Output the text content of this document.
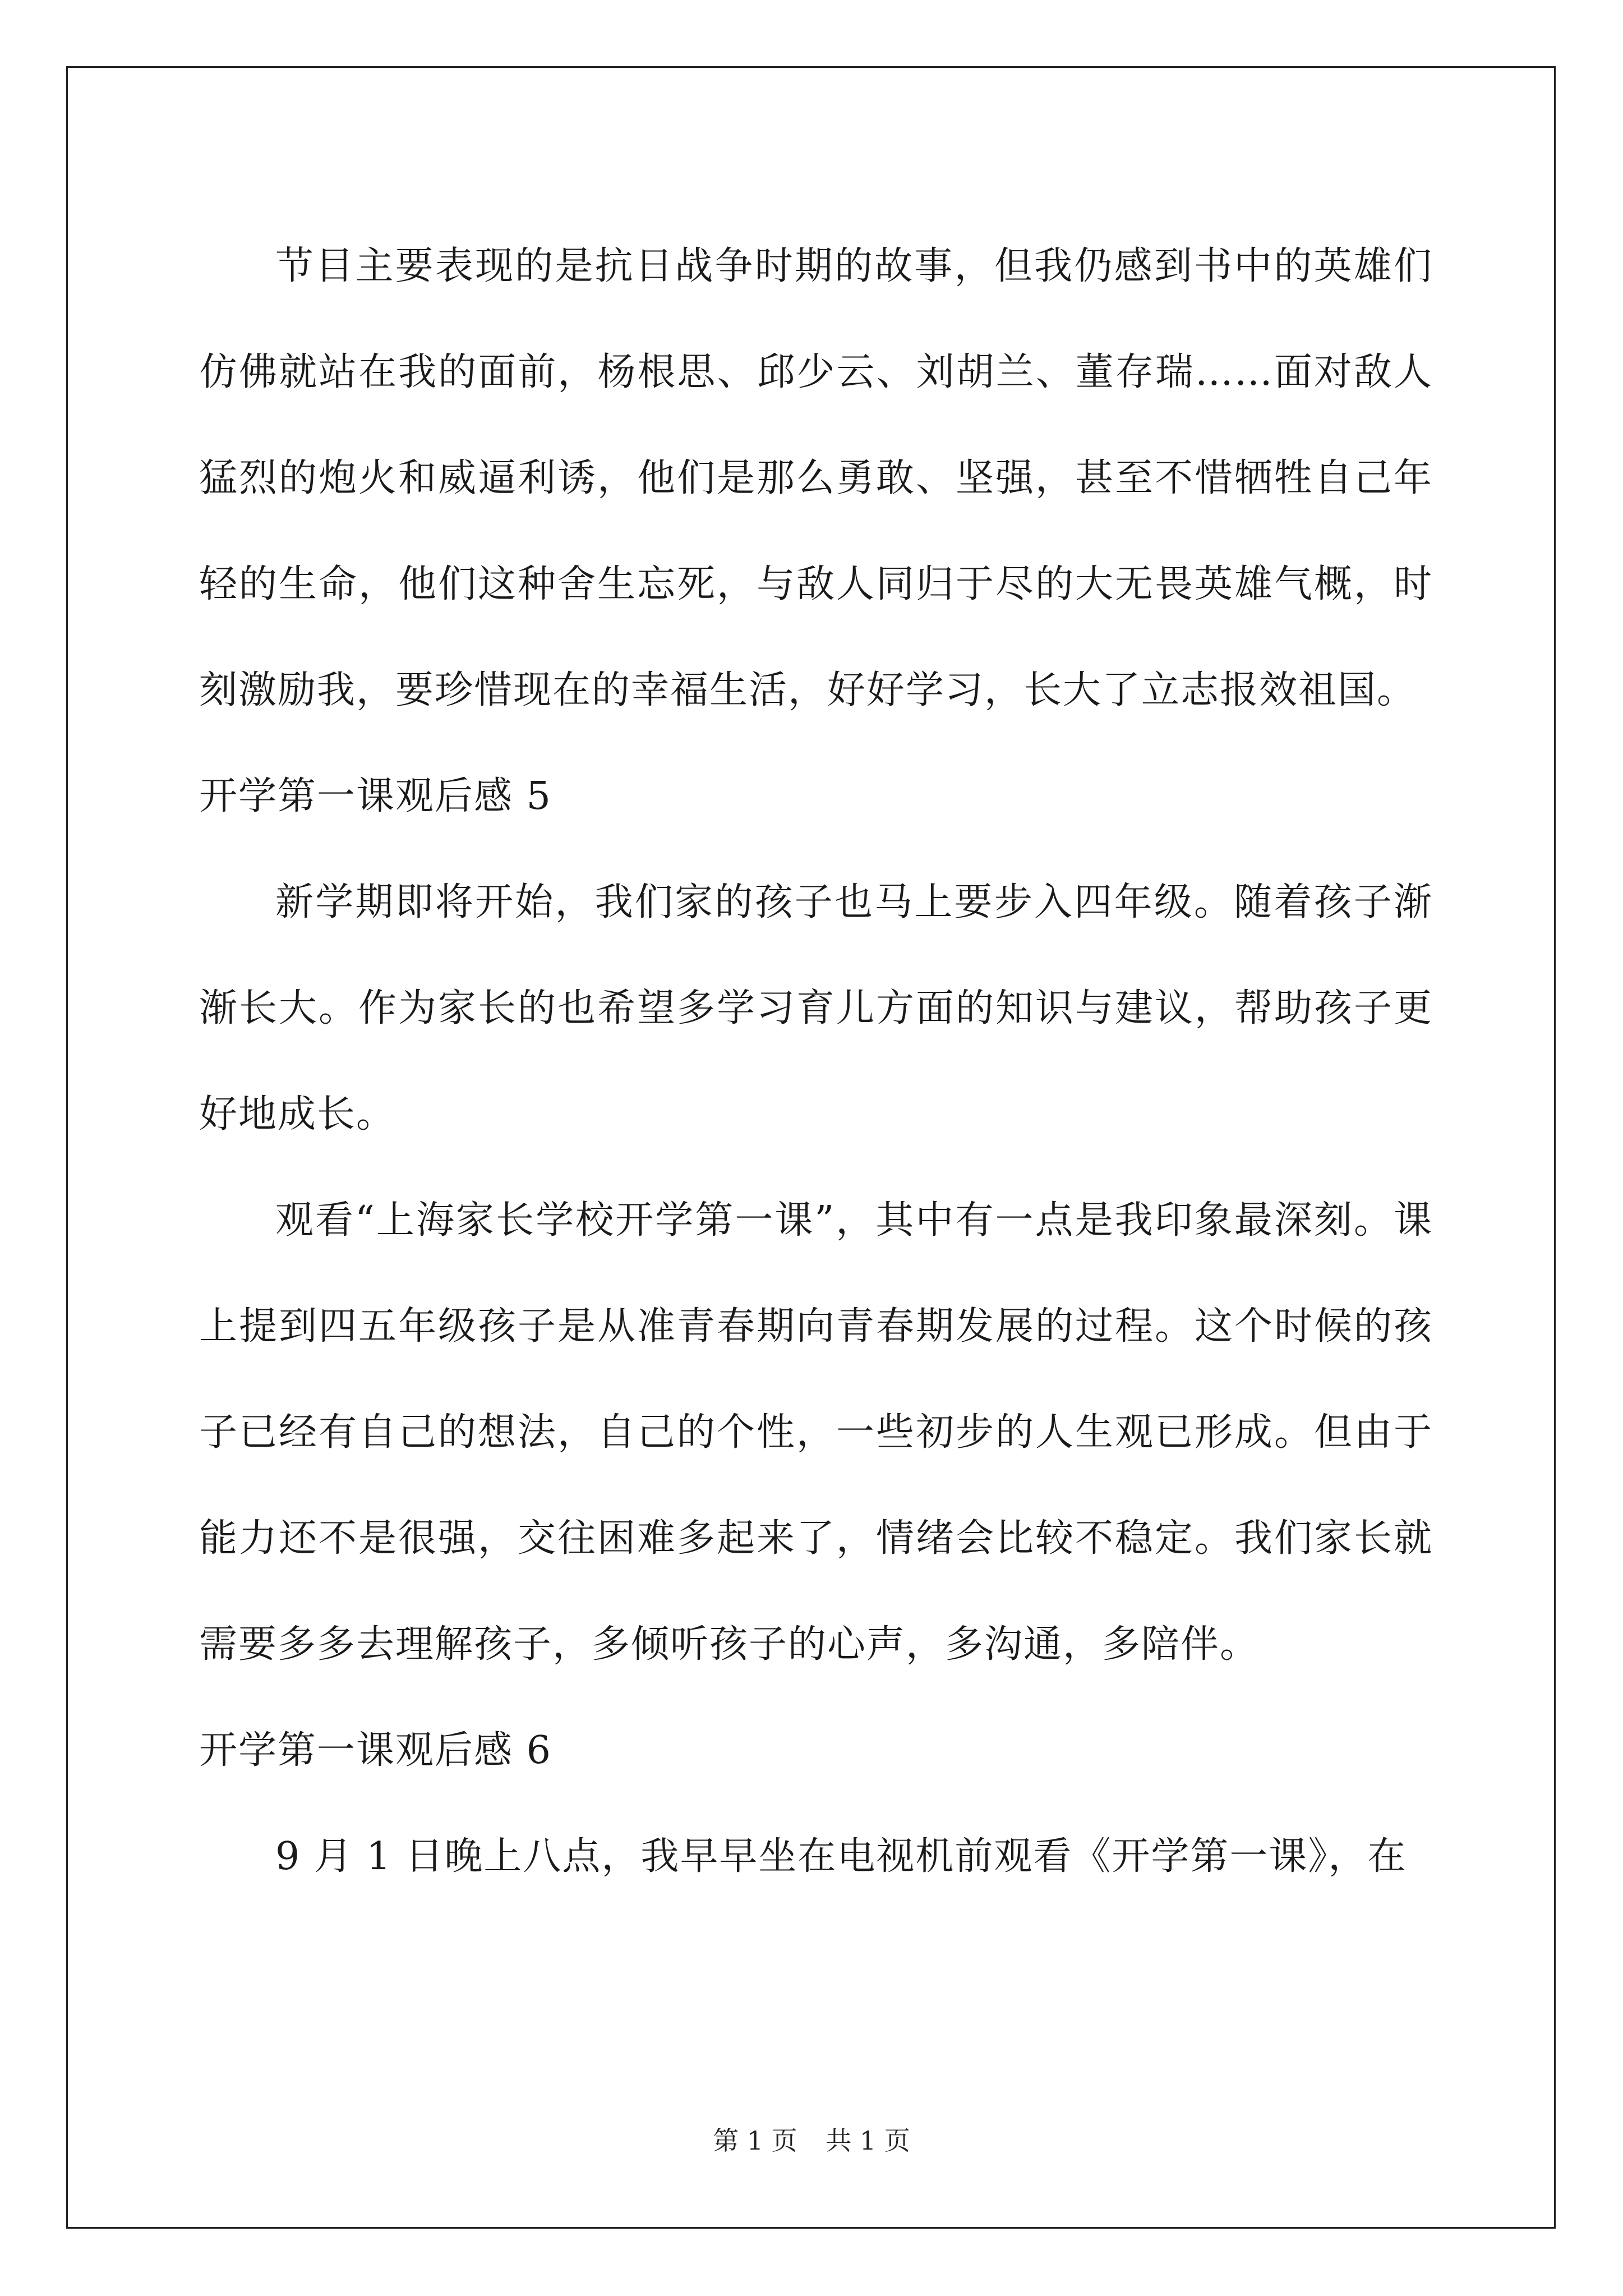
节目主要表现的是抗日战争时期的故事，但我仍感到书中的英雄们仿佛就站在我的面前，杨根思、邱少云、刘胡兰、董存瑞……面对敌人猛烈的炮火和威逼利诱，他们是那么勇敢、坚强，甚至不惜牺牲自己年轻的生命，他们这种舍生忘死，与敌人同归于尽的大无畏英雄气概，时刻激励我，要珍惜现在的幸福生活，好好学习，长大了立志报效祖国。

开学第一课观后感 5

新学期即将开始，我们家的孩子也马上要步入四年级。随着孩子渐渐长大。作为家长的也希望多学习育儿方面的知识与建议，帮助孩子更好地成长。

观看“上海家长学校开学第一课”，其中有一点是我印象最深刻。课上提到四五年级孩子是从准青春期向青春期发展的过程。这个时候的孩子已经有自己的想法，自己的个性，一些初步的人生观已形成。但由于能力还不是很强，交往困难多起来了，情绪会比较不稳定。我们家长就需要多多去理解孩子，多倾听孩子的心声，多沟通，多陪伴。

开学第一课观后感 6

9 月 1 日晚上八点，我早早坐在电视机前观看《开学第一课》，在

第 1 页 共 1 页
